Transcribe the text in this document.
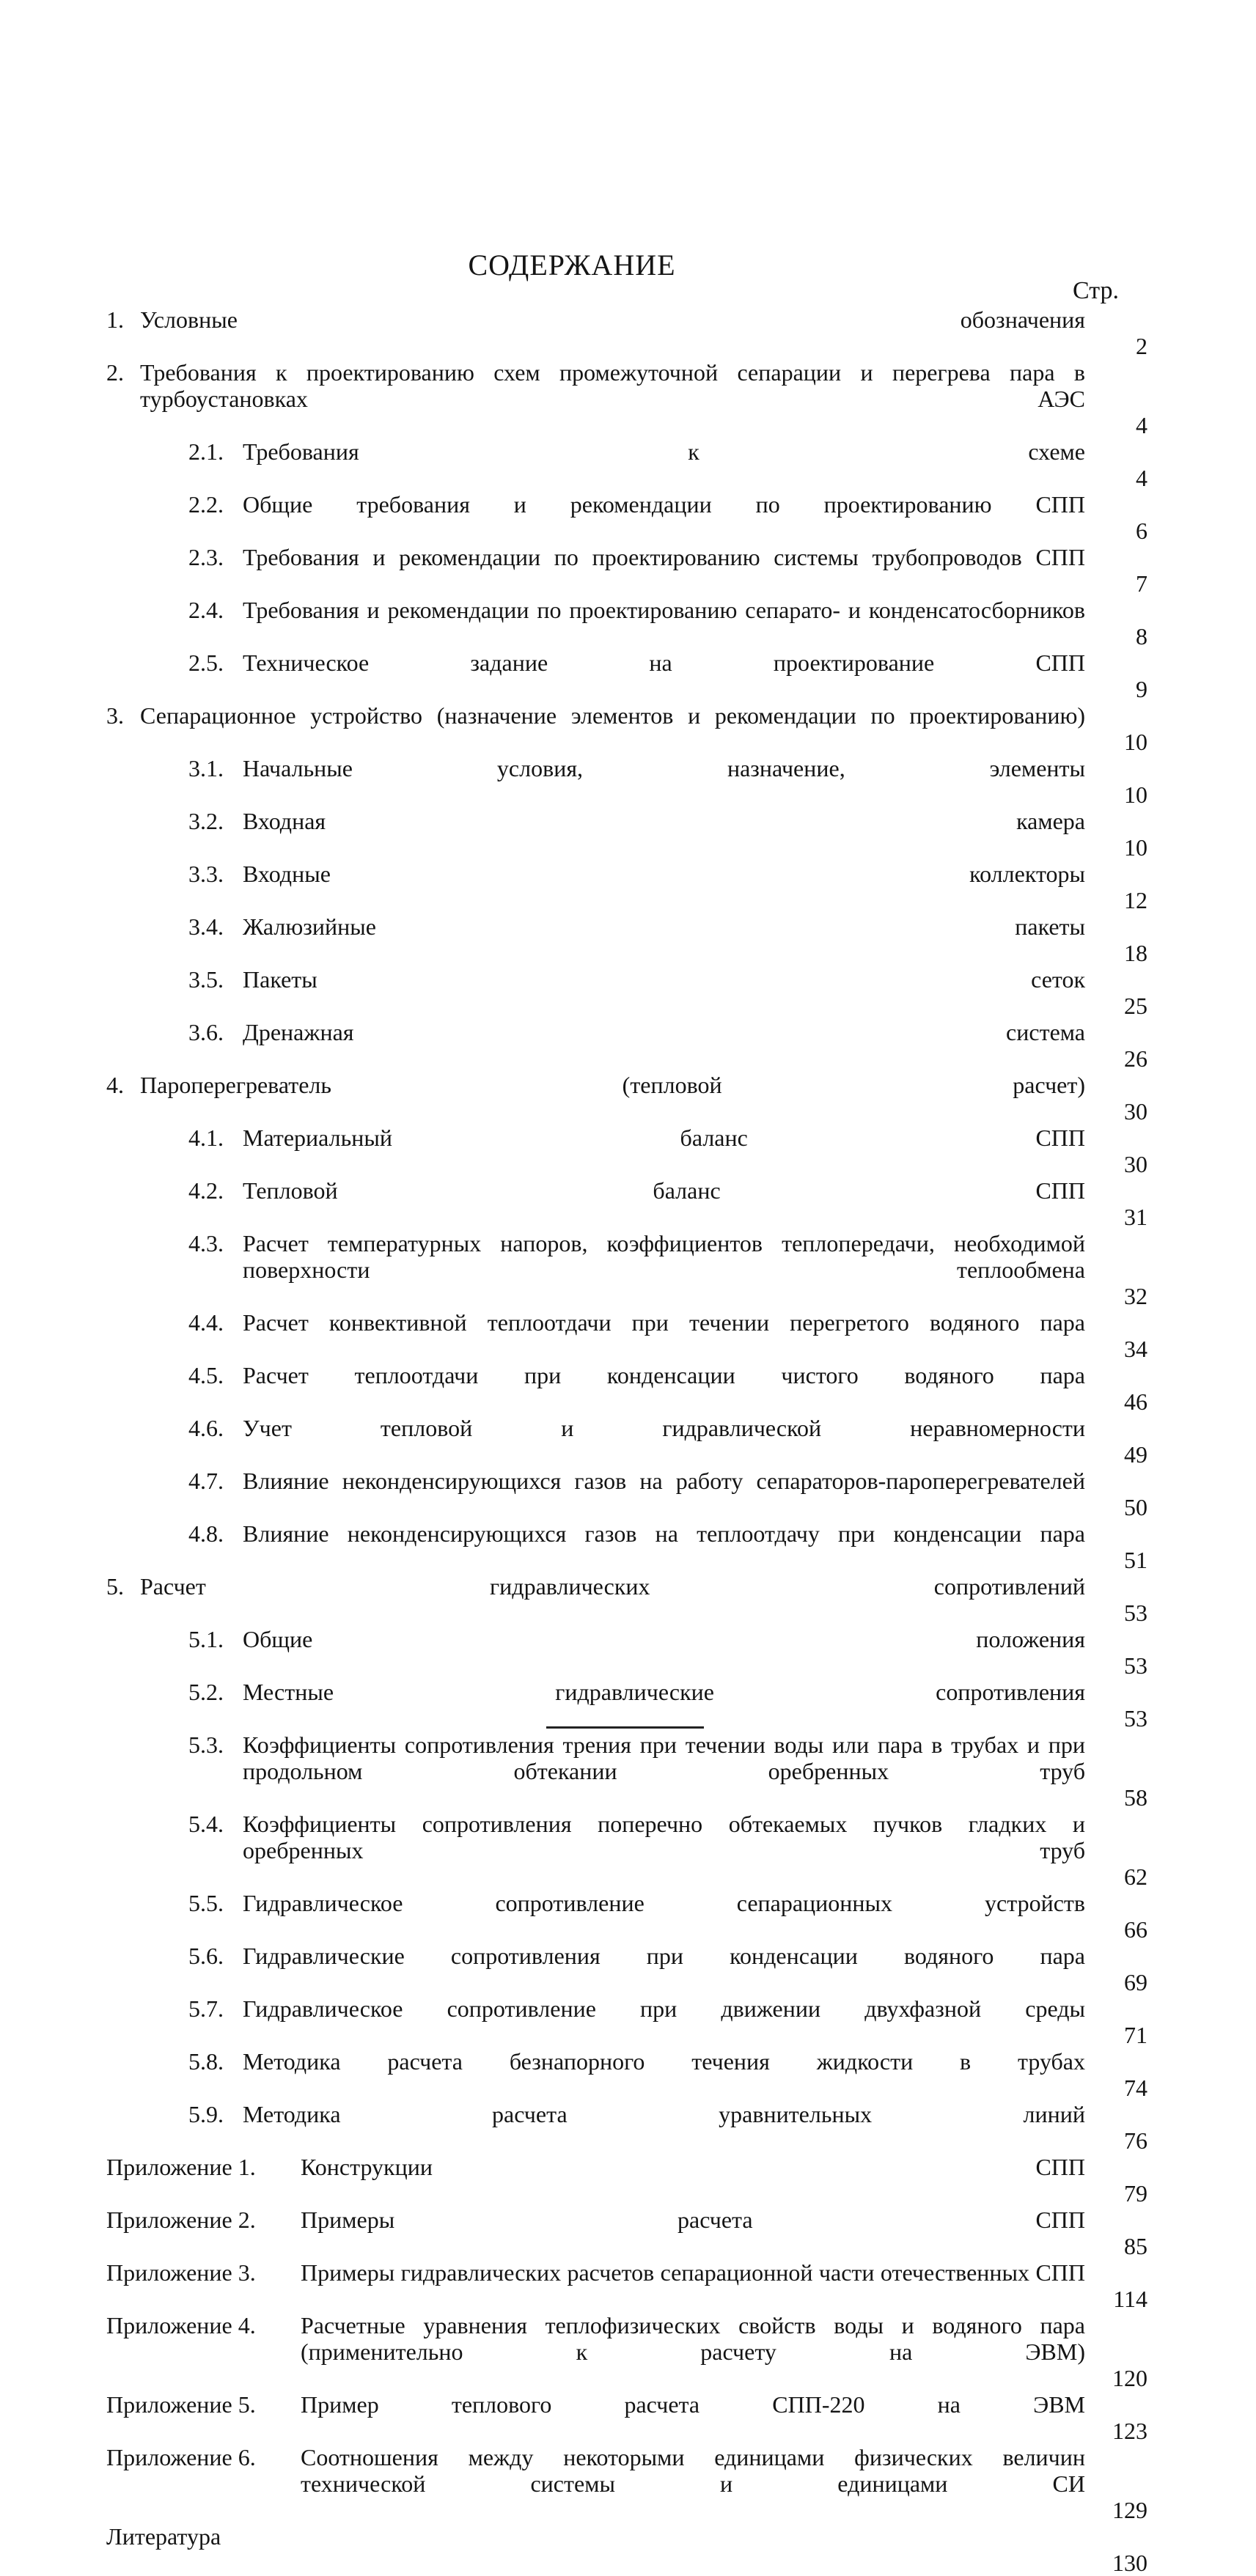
СОДЕРЖАНИЕ
Стр.
1. Условные обозначения
2
2. Требования к проектированию схем промежуточной сепарации и перегрева пара в турбоустановках АЭС
4
2.1. Требования к схеме
4
2.2. Общие требования и рекомендации по проектированию СПП
6
2.3. Требования и рекомендации по проектированию системы трубопроводов СПП
7
2.4. Требования и рекомендации по проектированию сепарато- и конденсатосборников
8
2.5. Техническое задание на проектирование СПП
9
3. Сепарационное устройство (назначение элементов и рекомендации по проектированию)
10
3.1. Начальные условия, назначение, элементы
10
3.2. Входная камера
10
3.3. Входные коллекторы
12
3.4. Жалюзийные пакеты
18
3.5. Пакеты сеток
25
3.6. Дренажная система
26
4. Пароперегреватель (тепловой расчет)
30
4.1. Материальный баланс СПП
30
4.2. Тепловой баланс СПП
31
4.3. Расчет температурных напоров, коэффициентов теплопередачи, необходимой поверхности теплообмена
32
4.4. Расчет конвективной теплоотдачи при течении перегретого водяного пара
34
4.5. Расчет теплоотдачи при конденсации чистого водяного пара
46
4.6. Учет тепловой и гидравлической неравномерности
49
4.7. Влияние неконденсирующихся газов на работу сепараторов-пароперегревателей
50
4.8. Влияние неконденсирующихся газов на теплоотдачу при конденсации пара
51
5. Расчет гидравлических сопротивлений
53
5.1. Общие положения
53
5.2. Местные гидравлические сопротивления
53
5.3. Коэффициенты сопротивления трения при течении воды или пара в трубах и при продольном обтекании оребренных труб
58
5.4. Коэффициенты сопротивления поперечно обтекаемых пучков гладких и оребренных труб
62
5.5. Гидравлическое сопротивление сепарационных устройств
66
5.6. Гидравлические сопротивления при конденсации водяного пара
69
5.7. Гидравлическое сопротивление при движении двухфазной среды
71
5.8. Методика расчета безнапорного течения жидкости в трубах
74
5.9. Методика расчета уравнительных линий
76
Приложение 1. Конструкции СПП
79
Приложение 2. Примеры расчета СПП
85
Приложение 3. Примеры гидравлических расчетов сепарационной части отечественных СПП
114
Приложение 4. Расчетные уравнения теплофизических свойств воды и водяного пара (применительно к расчету на ЭВМ)
120
Приложение 5. Пример теплового расчета СПП-220 на ЭВМ
123
Приложение 6. Соотношения между некоторыми единицами физических величин технической системы и единицами СИ
129
Литература
130
